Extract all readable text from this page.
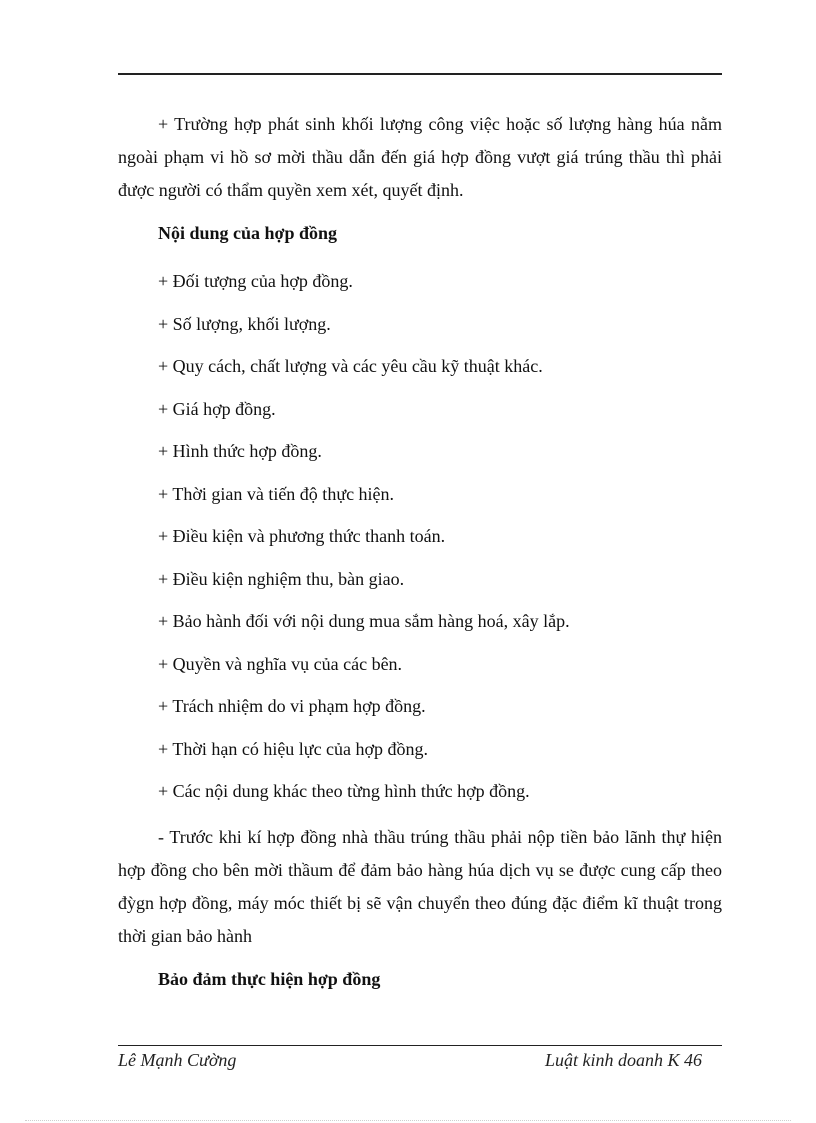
+ Trường hợp phát sinh khối lượng công việc hoặc số lượng hàng húa nằm ngoài phạm vi hồ sơ mời thầu dẫn đến giá hợp đồng vượt giá trúng thầu thì phải được người có thẩm quyền xem xét, quyết định.

Nội dung của hợp đồng

+ Đối tượng của hợp đồng.

+ Số lượng, khối lượng.

+ Quy cách, chất lượng và các yêu cầu kỹ thuật khác.

+ Giá hợp đồng.

+ Hình thức hợp đồng.

+ Thời gian và tiến độ thực hiện.

+ Điều kiện và phương thức thanh toán.

+ Điều kiện nghiệm thu, bàn giao.

+ Bảo hành đối với nội dung mua sắm hàng hoá, xây lắp.

+ Quyền và nghĩa vụ của các bên.

+ Trách nhiệm do vi phạm hợp đồng.

+ Thời hạn có hiệu lực của hợp đồng.

+ Các nội dung khác theo từng hình thức hợp đồng.

- Trước khi kí hợp đồng nhà thầu trúng thầu phải nộp tiền bảo lãnh thự hiện hợp đồng cho bên mời thầum để đảm bảo hàng húa dịch vụ se được cung cấp theo đỳgn hợp đồng, máy móc thiết bị sẽ vận chuyển theo đúng đặc điểm kĩ thuật trong thời gian bảo hành

Bảo đảm thực hiện hợp đồng
Lê Mạnh Cường	Luật kinh doanh K 46
